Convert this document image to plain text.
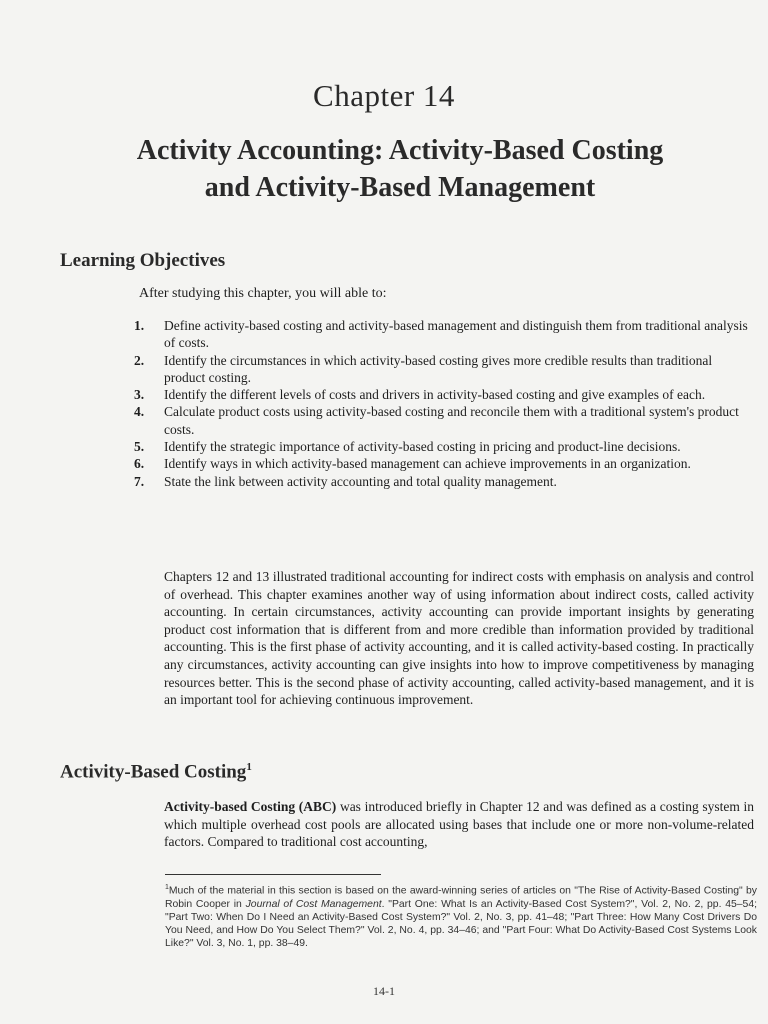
Chapter 14
Activity Accounting: Activity-Based Costing
and Activity-Based Management
Learning Objectives
After studying this chapter, you will able to:
1. Define activity-based costing and activity-based management and distinguish them from traditional analysis of costs.
2. Identify the circumstances in which activity-based costing gives more credible results than traditional product costing.
3. Identify the different levels of costs and drivers in activity-based costing and give examples of each.
4. Calculate product costs using activity-based costing and reconcile them with a traditional system's product costs.
5. Identify the strategic importance of activity-based costing in pricing and product-line decisions.
6. Identify ways in which activity-based management can achieve improvements in an organization.
7. State the link between activity accounting and total quality management.

Chapters 12 and 13 illustrated traditional accounting for indirect costs with emphasis on analysis and control of overhead. This chapter examines another way of using information about indirect costs, called activity accounting. In certain circumstances, activity accounting can provide important insights by generating product cost information that is different from and more credible than information provided by traditional accounting. This is the first phase of activity accounting, and it is called activity-based costing. In practically any circumstances, activity accounting can give insights into how to improve competitiveness by managing resources better. This is the second phase of activity accounting, called activity-based management, and it is an important tool for achieving continuous improvement.

Activity-Based Costing$^1$

Activity-based Costing (ABC) was introduced briefly in Chapter 12 and was defined as a costing system in which multiple overhead cost pools are allocated using bases that include one or more non-volume-related factors. Compared to traditional cost accounting,

$^1$Much of the material in this section is based on the award-winning series of articles on "The Rise of Activity-Based Costing" by Robin Cooper in Journal of Cost Management. "Part One: What Is an Activity-Based Cost System?", Vol. 2, No. 2, pp. 45–54; "Part Two: When Do I Need an Activity-Based Cost System?" Vol. 2, No. 3, pp. 41–48; "Part Three: How Many Cost Drivers Do You Need, and How Do You Select Them?" Vol. 2, No. 4, pp. 34–46; and "Part Four: What Do Activity-Based Cost Systems Look Like?" Vol. 3, No. 1, pp. 38–49.

14-1
